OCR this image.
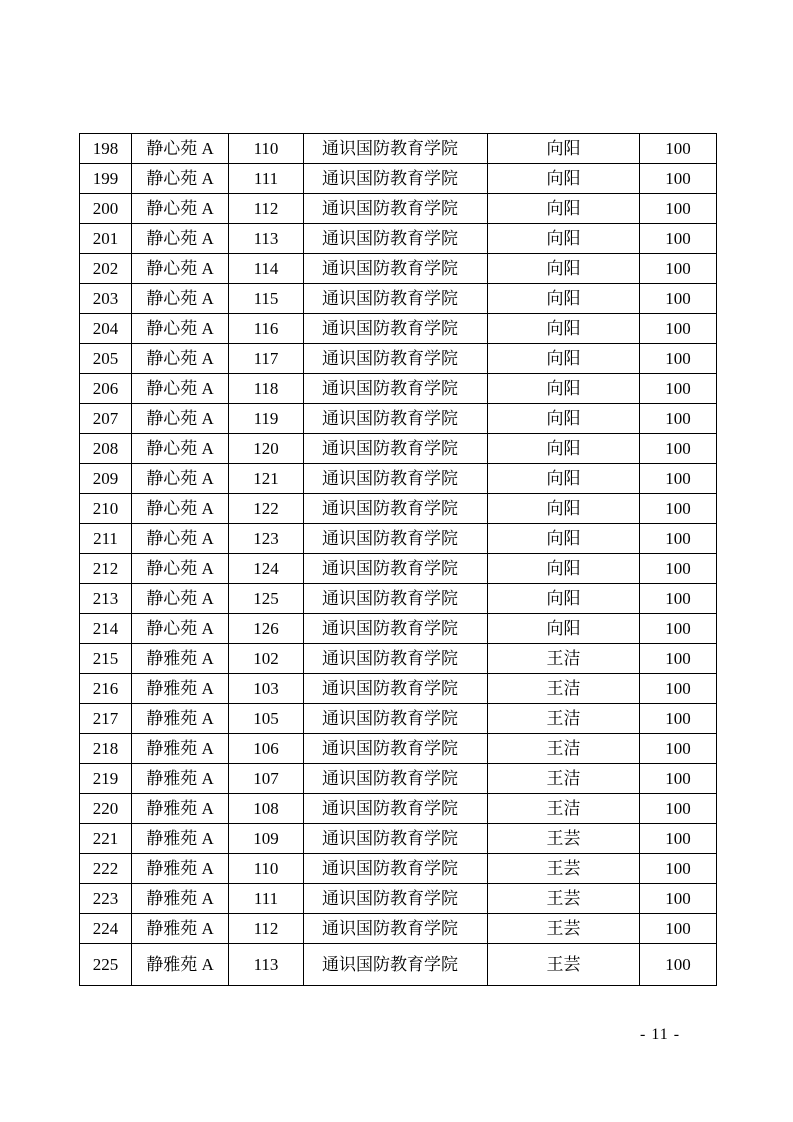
198	静心苑 A	110	通识国防教育学院	向阳	100
199	静心苑 A	111	通识国防教育学院	向阳	100
200	静心苑 A	112	通识国防教育学院	向阳	100
201	静心苑 A	113	通识国防教育学院	向阳	100
202	静心苑 A	114	通识国防教育学院	向阳	100
203	静心苑 A	115	通识国防教育学院	向阳	100
204	静心苑 A	116	通识国防教育学院	向阳	100
205	静心苑 A	117	通识国防教育学院	向阳	100
206	静心苑 A	118	通识国防教育学院	向阳	100
207	静心苑 A	119	通识国防教育学院	向阳	100
208	静心苑 A	120	通识国防教育学院	向阳	100
209	静心苑 A	121	通识国防教育学院	向阳	100
210	静心苑 A	122	通识国防教育学院	向阳	100
211	静心苑 A	123	通识国防教育学院	向阳	100
212	静心苑 A	124	通识国防教育学院	向阳	100
213	静心苑 A	125	通识国防教育学院	向阳	100
214	静心苑 A	126	通识国防教育学院	向阳	100
215	静雅苑 A	102	通识国防教育学院	王洁	100
216	静雅苑 A	103	通识国防教育学院	王洁	100
217	静雅苑 A	105	通识国防教育学院	王洁	100
218	静雅苑 A	106	通识国防教育学院	王洁	100
219	静雅苑 A	107	通识国防教育学院	王洁	100
220	静雅苑 A	108	通识国防教育学院	王洁	100
221	静雅苑 A	109	通识国防教育学院	王芸	100
222	静雅苑 A	110	通识国防教育学院	王芸	100
223	静雅苑 A	111	通识国防教育学院	王芸	100
224	静雅苑 A	112	通识国防教育学院	王芸	100
225	静雅苑 A	113	通识国防教育学院	王芸	100
- 11 -
